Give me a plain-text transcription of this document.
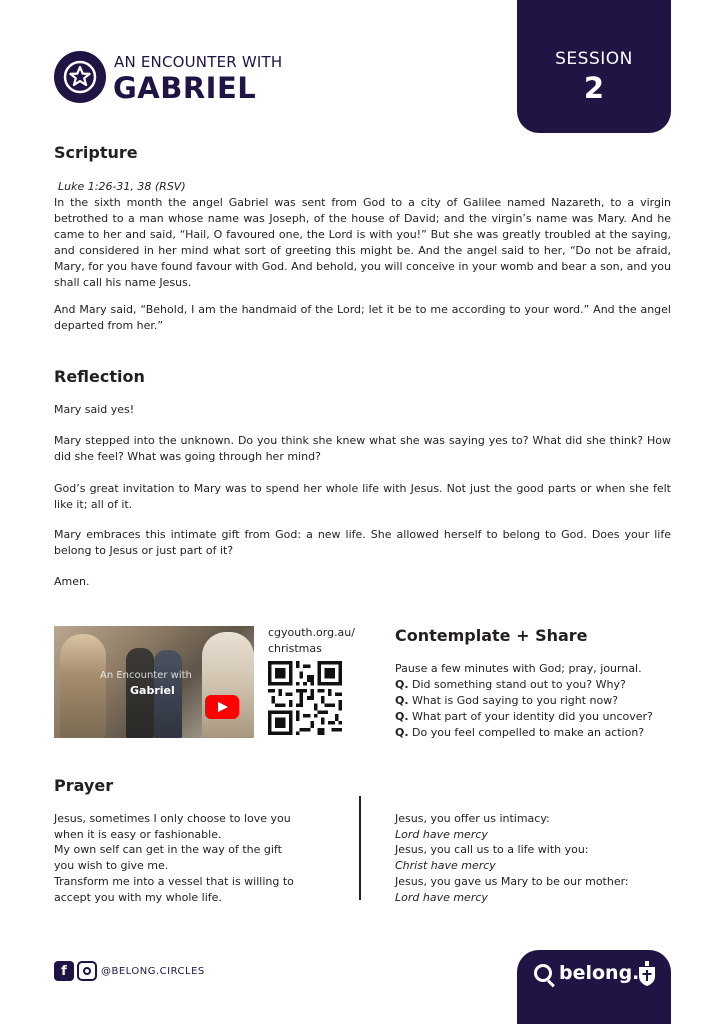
AN ENCOUNTER WITH
GABRIEL
SESSION
2
Scripture
Luke 1:26-31, 38 (RSV)
In the sixth month the angel Gabriel was sent from God to a city of Galilee named Nazareth, to a virgin betrothed to a man whose name was Joseph, of the house of David; and the virgin’s name was Mary. And he came to her and said, “Hail, O favoured one, the Lord is with you!” But she was greatly troubled at the saying, and considered in her mind what sort of greeting this might be. And the angel said to her, “Do not be afraid, Mary, for you have found favour with God. And behold, you will conceive in your womb and bear a son, and you shall call his name Jesus.
And Mary said, “Behold, I am the handmaid of the Lord; let it be to me according to your word.” And the angel departed from her.”
Reflection
Mary said yes!
Mary stepped into the unknown. Do you think she knew what she was saying yes to? What did she think? How did she feel? What was going through her mind?
God’s great invitation to Mary was to spend her whole life with Jesus. Not just the good parts or when she felt like it; all of it.
Mary embraces this intimate gift from God: a new life. She allowed herself to belong to God. Does your life belong to Jesus or just part of it?
Amen.
An Encounter with
Gabriel
cgyouth.org.au/
christmas
Contemplate + Share
Pause a few minutes with God; pray, journal.
Q. Did something stand out to you? Why?
Q. What is God saying to you right now?
Q. What part of your identity did you uncover?
Q. Do you feel compelled to make an action?
Prayer
Jesus, sometimes I only choose to love you
when it is easy or fashionable.
My own self can get in the way of the gift
you wish to give me.
Transform me into a vessel that is willing to
accept you with my whole life.
Jesus, you offer us intimacy:
Lord have mercy
Jesus, you call us to a life with you:
Christ have mercy
Jesus, you gave us Mary to be our mother:
Lord have mercy
f	@BELONG.CIRCLES	belong.
